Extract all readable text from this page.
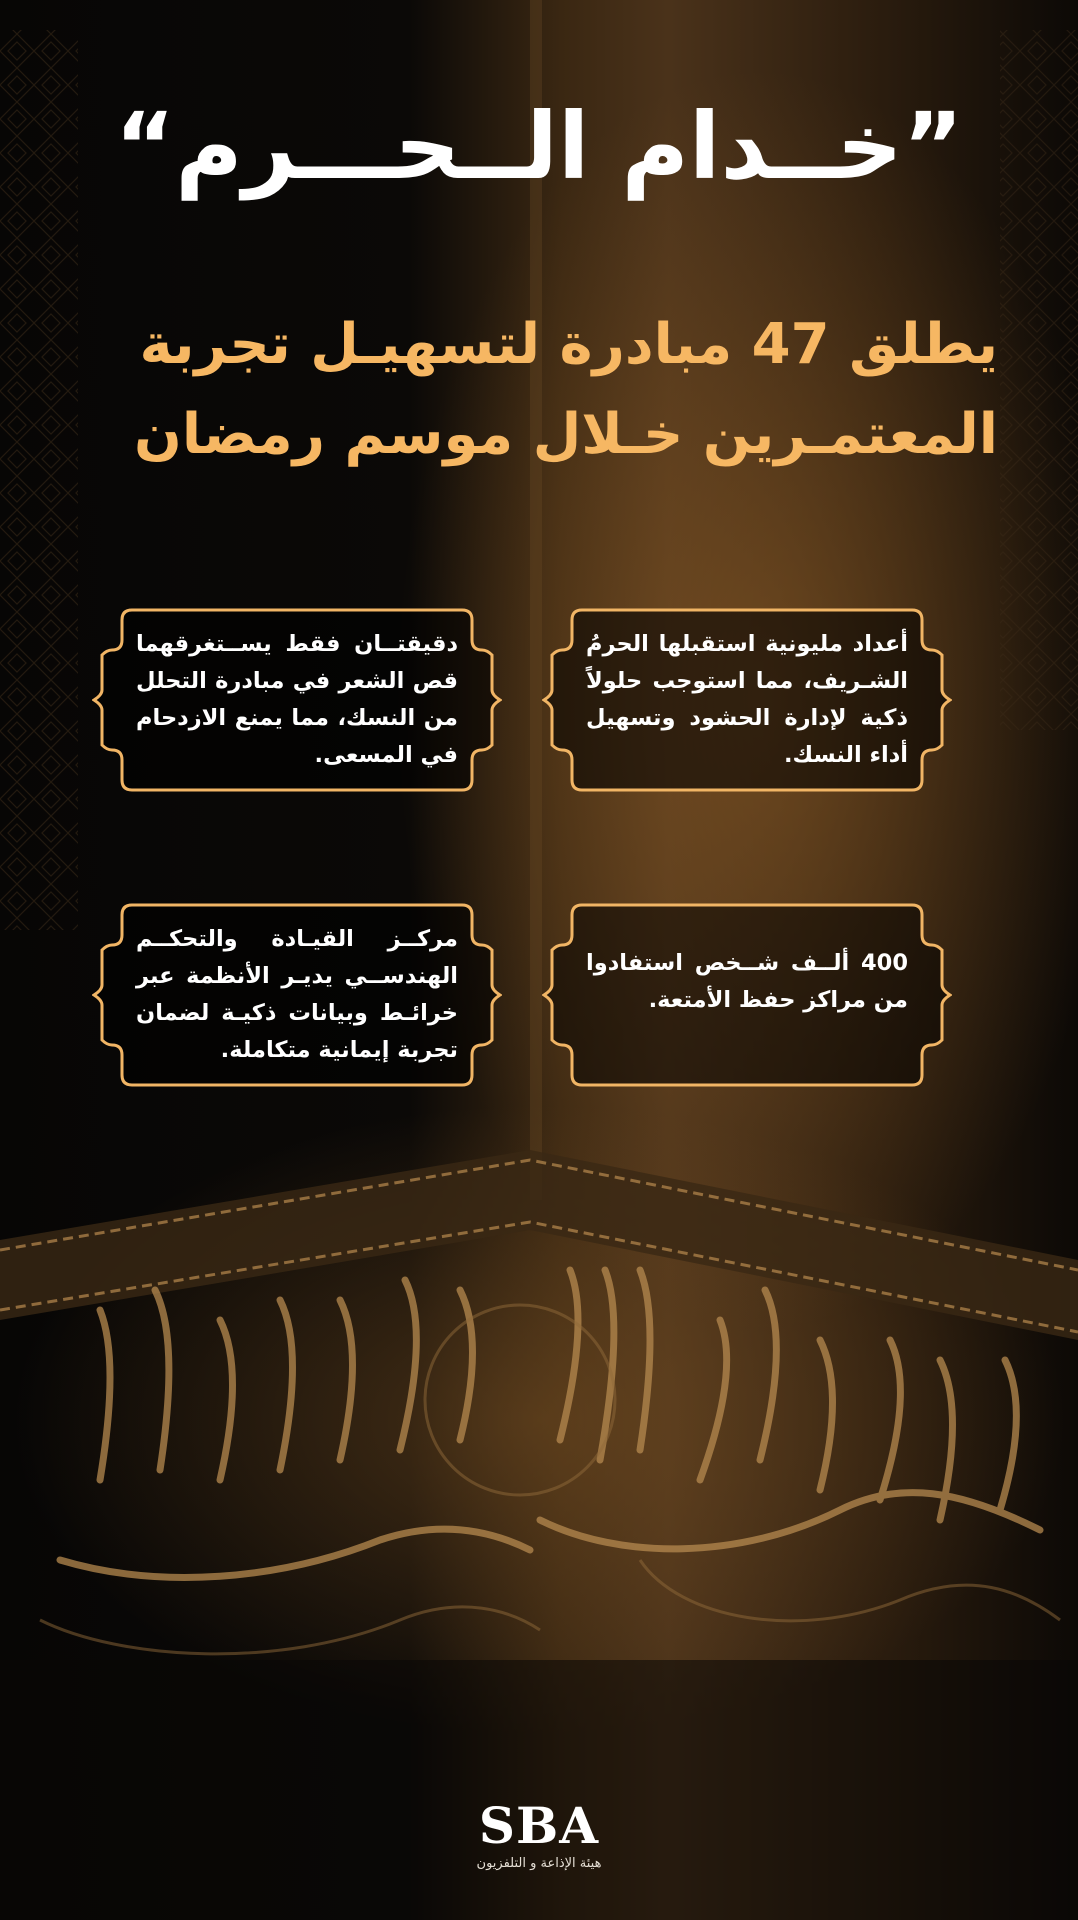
”خــدام الــحـــرم“
يطلق 47 مبادرة لتسهيـل تجربة المعتمـرين خـلال موسم رمضان
أعداد مليونية استقبلها الحرمُ الشـريف، مما استوجب حلولاً ذكية لإدارة الحشود وتسهيل أداء النسك.
دقيقتــان فقط يســتغرقهما قص الشعر في مبادرة التحلل من النسك، مما يمنع الازدحام في المسعى.
400 ألــف شــخص استفادوا من مراكز حفظ الأمتعة.
مركــز القيـادة والتحكــم الهندســي يديـر الأنظمة عبر خرائـط وبيانات ذكيـة لضمان تجربة إيمانية متكاملة.
SBA
هيئة الإذاعة و التلفزيون
